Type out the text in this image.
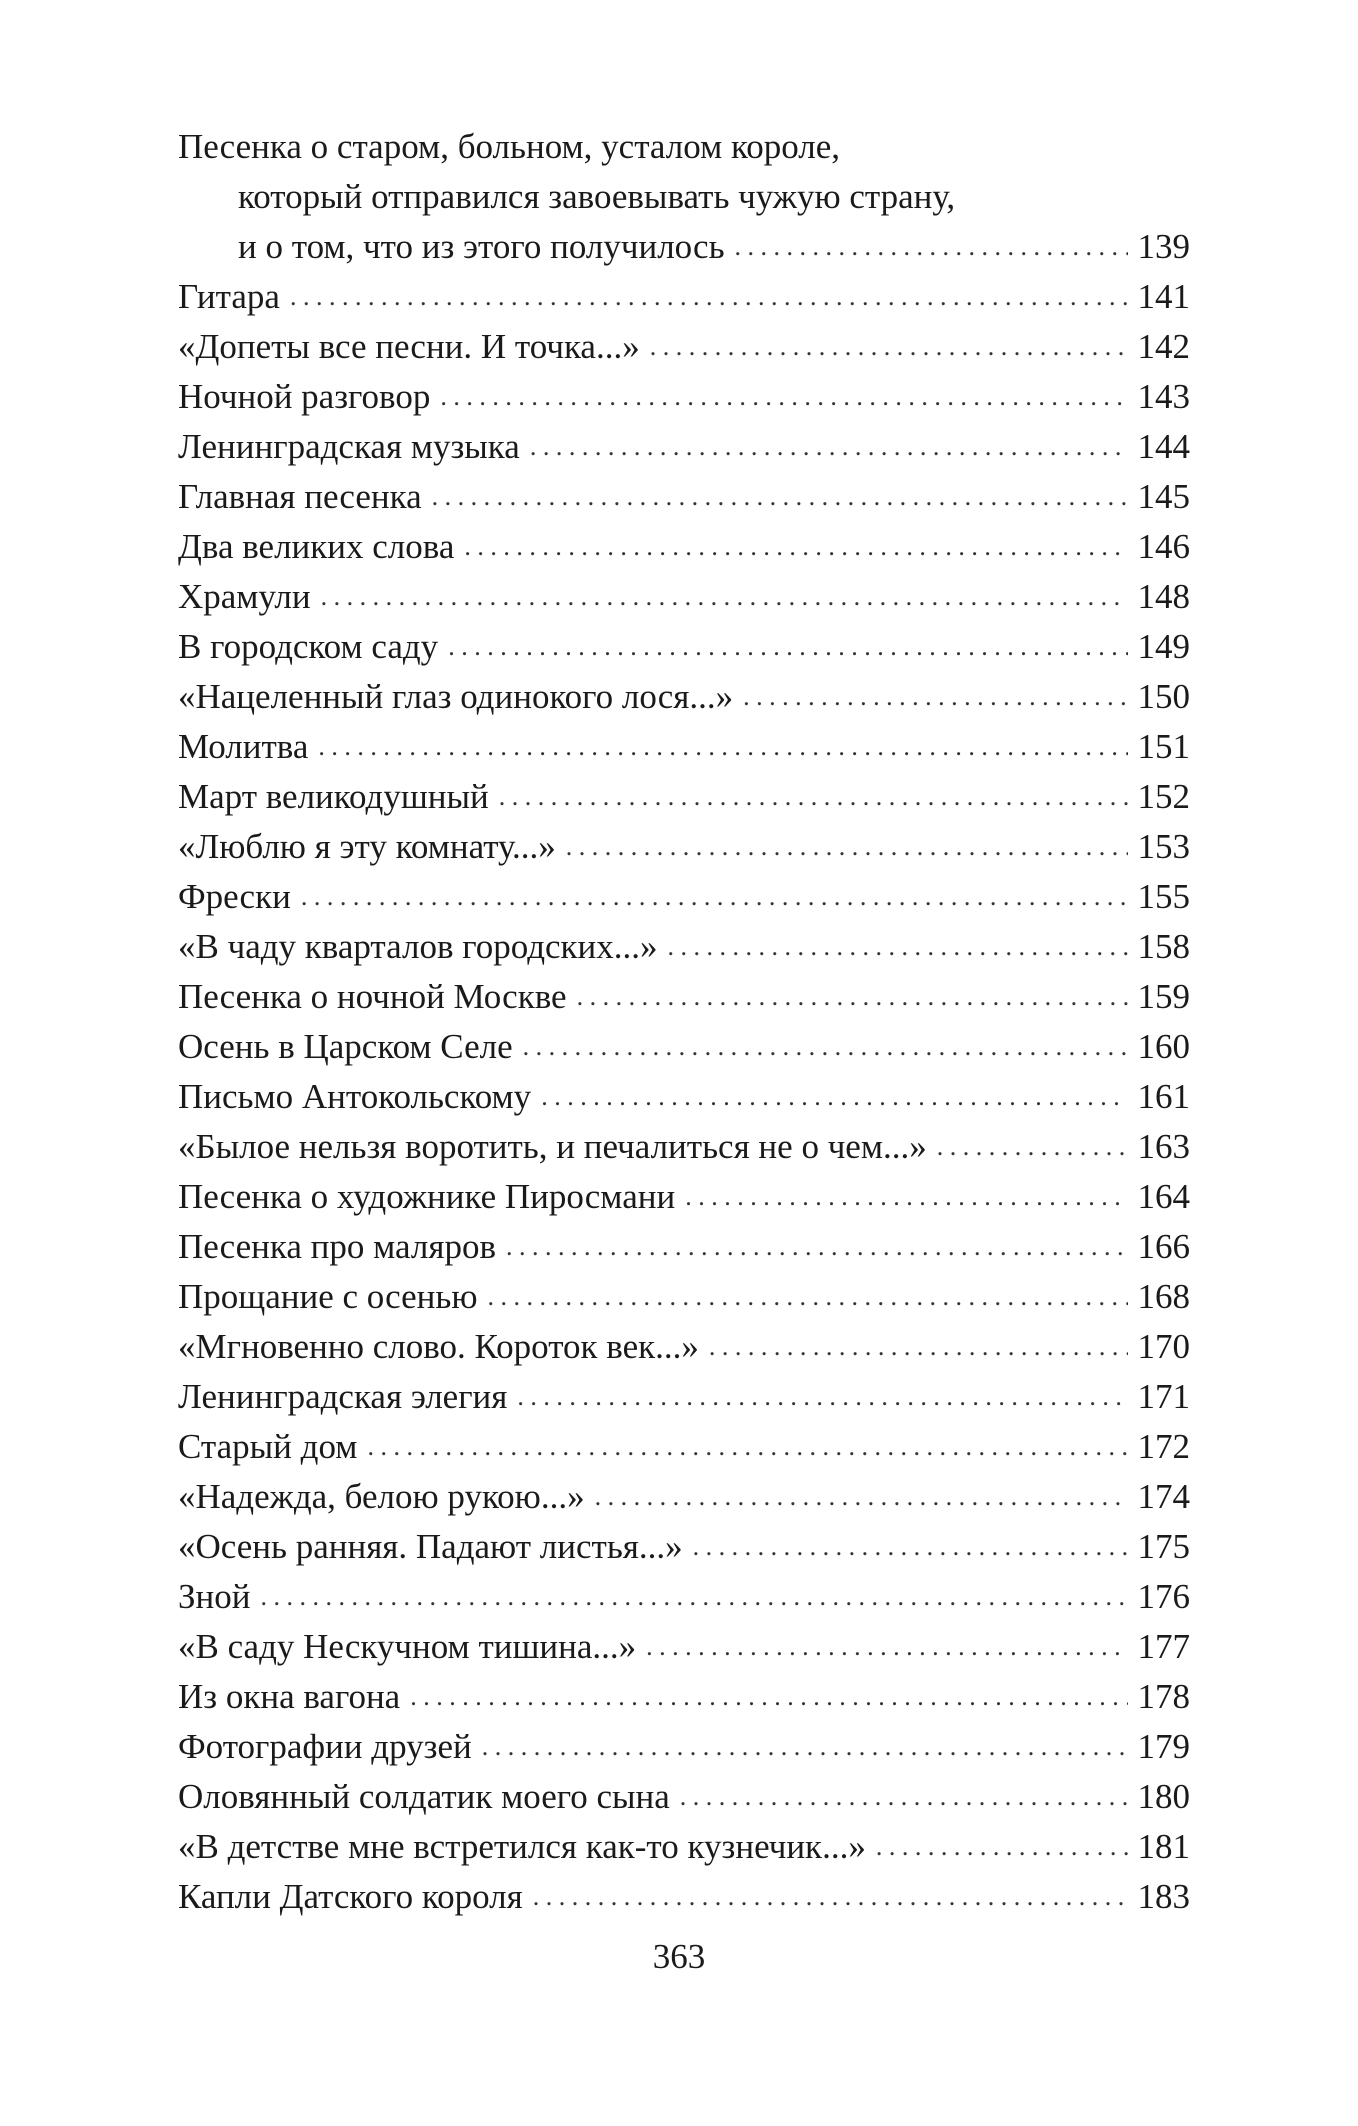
Песенка о старом, больном, усталом короле,
который отправился завоевывать чужую страну,
и о том, что из этого получилось . . .	139
Гитара . . .	141
«Допеты все песни. И точка...» . . .	142
Ночной разговор . . .	143
Ленинградская музыка . . .	144
Главная песенка . . .	145
Два великих слова . . .	146
Храмули . . .	148
В городском саду . . .	149
«Нацеленный глаз одинокого лося...» . . .	150
Молитва . . .	151
Март великодушный . . .	152
«Люблю я эту комнату...» . . .	153
Фрески . . .	155
«В чаду кварталов городских...» . . .	158
Песенка о ночной Москве . . .	159
Осень в Царском Селе . . .	160
Письмо Антокольскому . . .	161
«Былое нельзя воротить, и печалиться не о чем...» . . .	163
Песенка о художнике Пиросмани . . .	164
Песенка про маляров . . .	166
Прощание с осенью . . .	168
«Мгновенно слово. Короток век...» . . .	170
Ленинградская элегия . . .	171
Старый дом . . .	172
«Надежда, белою рукою...» . . .	174
«Осень ранняя. Падают листья...» . . .	175
Зной . . .	176
«В саду Нескучном тишина...» . . .	177
Из окна вагона . . .	178
Фотографии друзей . . .	179
Оловянный солдатик моего сына . . .	180
«В детстве мне встретился как-то кузнечик...» . . .	181
Капли Датского короля . . .	183
363
